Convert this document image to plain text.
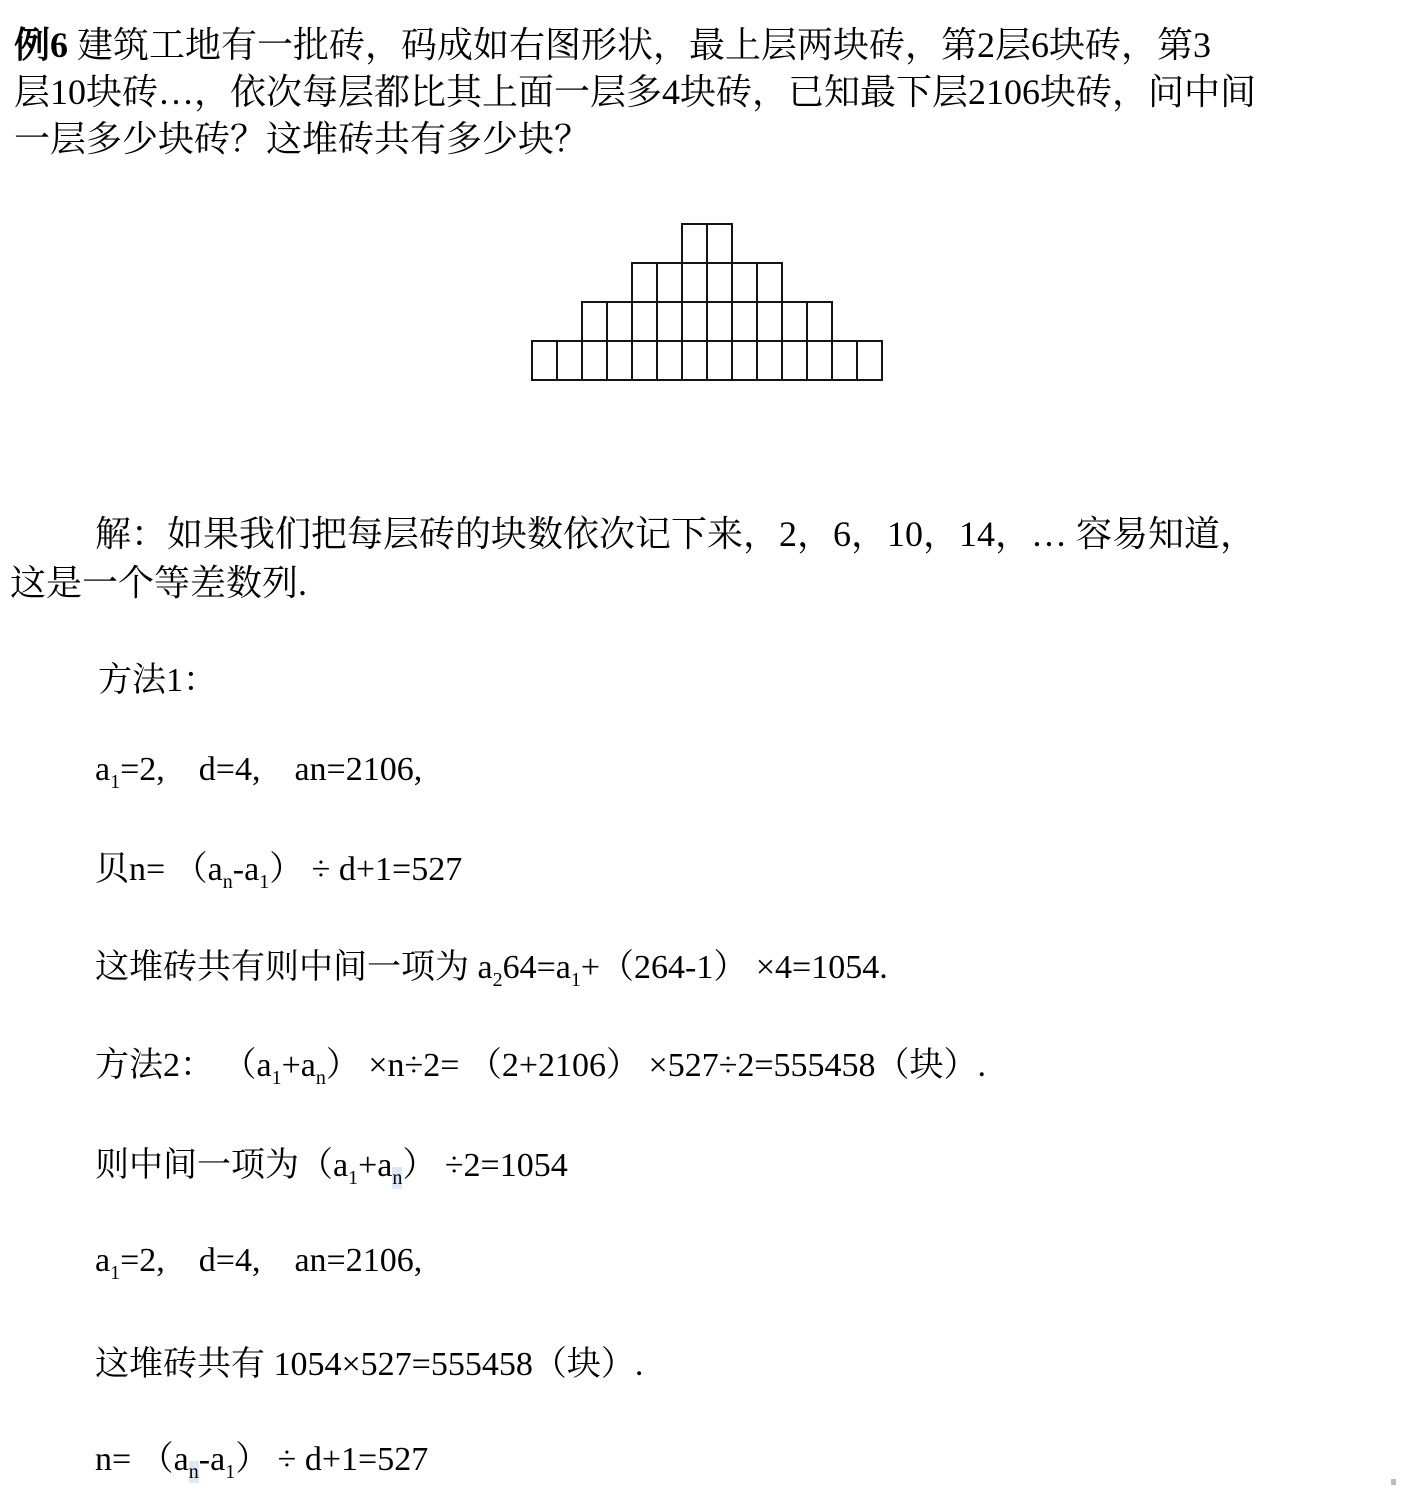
例6 建筑工地有一批砖，码成如右图形状，最上层两块砖，第2层6块砖，第3
层10块砖…，依次每层都比其上面一层多4块砖，已知最下层2106块砖，问中间
一层多少块砖？这堆砖共有多少块？
解：如果我们把每层砖的块数依次记下来，2，6，10，14，… 容易知道，
这是一个等差数列.
方法1：
$a_1=2$,    d=4,    an=2106,
贝$n= (a_n-a_1) \div d+1=527$
这堆砖共有则中间一项为 $a_264=a_1+(264-1) \times 4=1054$.
方法2： $(a_1+a_n) \times n\div 2= (2+2106) \times 527\div 2=555458$（块）.
则中间一项为$(a_1+a_n) \div 2=1054$
$a_1=2$,    d=4,    an=2106,
这堆砖共有 1054×527=555458（块）.
$n= (a_n-a_1) \div d+1=527$
